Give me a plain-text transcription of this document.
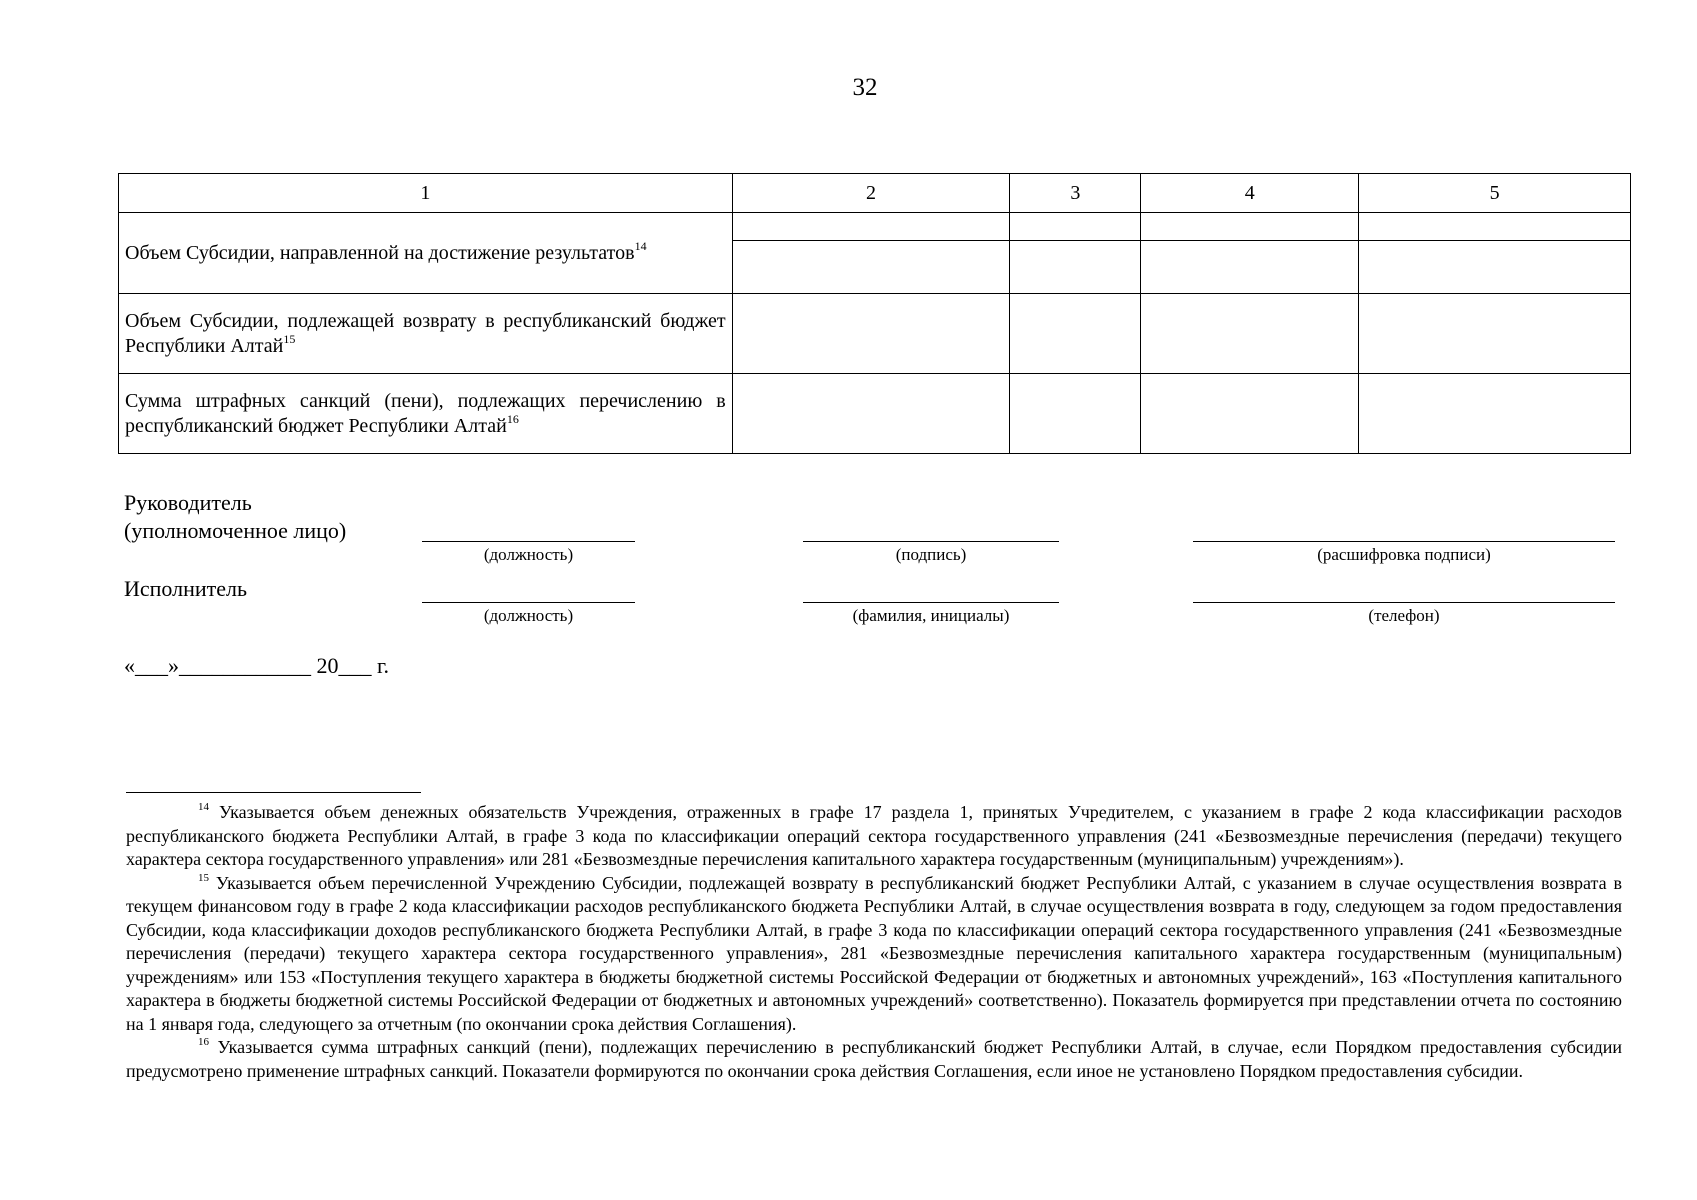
32
1	2	3	4	5
Объем Субсидии, направленной на достижение результатов$^{14}$				

Объем Субсидии, подлежащей возврату в республиканский бюджет Республики Алтай$^{15}$				
Сумма штрафных санкций (пени), подлежащих перечислению в республиканский бюджет Республики Алтай$^{16}$				
Руководитель
(уполномоченное лицо)
(должность)	(подпись)	(расшифровка подписи)
Исполнитель
(должность)	(фамилия, инициалы)	(телефон)
«___»____________ 20___ г.

$^{14}$ Указывается объем денежных обязательств Учреждения, отраженных в графе 17 раздела 1, принятых Учредителем, с указанием в графе 2 кода классификации расходов республиканского бюджета Республики Алтай, в графе 3 кода по классификации операций сектора государственного управления (241 «Безвозмездные перечисления (передачи) текущего характера сектора государственного управления» или 281 «Безвозмездные перечисления капитального характера государственным (муниципальным) учреждениям»).

$^{15}$ Указывается объем перечисленной Учреждению Субсидии, подлежащей возврату в республиканский бюджет Республики Алтай, с указанием в случае осуществления возврата в текущем финансовом году в графе 2 кода классификации расходов республиканского бюджета Республики Алтай, в случае осуществления возврата в году, следующем за годом предоставления Субсидии, кода классификации доходов республиканского бюджета Республики Алтай, в графе 3 кода по классификации операций сектора государственного управления (241 «Безвозмездные перечисления (передачи) текущего характера сектора государственного управления», 281 «Безвозмездные перечисления капитального характера государственным (муниципальным) учреждениям» или 153 «Поступления текущего характера в бюджеты бюджетной системы Российской Федерации от бюджетных и автономных учреждений», 163 «Поступления капитального характера в бюджеты бюджетной системы Российской Федерации от бюджетных и автономных учреждений» соответственно). Показатель формируется при представлении отчета по состоянию на 1 января года, следующего за отчетным (по окончании срока действия Соглашения).

$^{16}$ Указывается сумма штрафных санкций (пени), подлежащих перечислению в республиканский бюджет Республики Алтай, в случае, если Порядком предоставления субсидии предусмотрено применение штрафных санкций. Показатели формируются по окончании срока действия Соглашения, если иное не установлено Порядком предоставления субсидии.
